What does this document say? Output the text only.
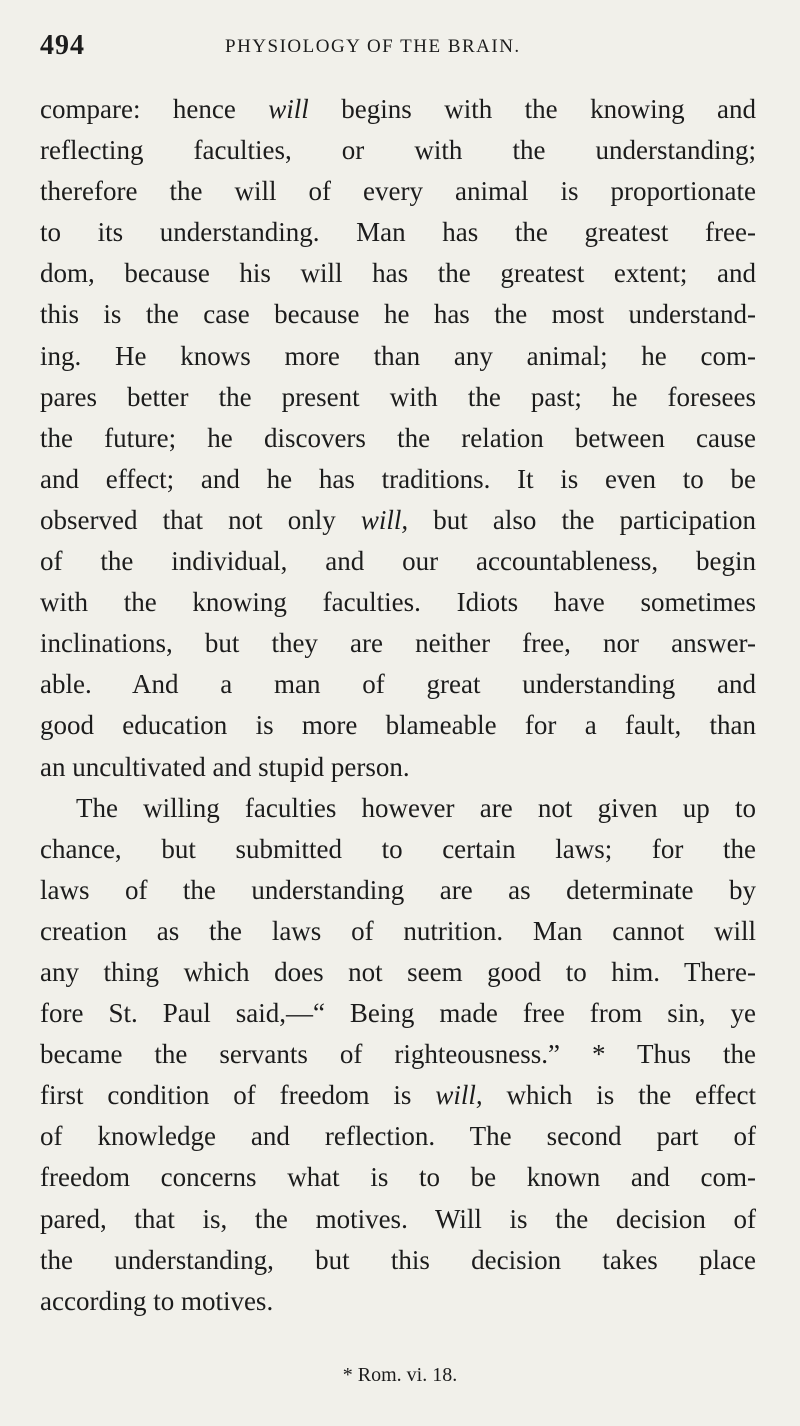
494	PHYSIOLOGY OF THE BRAIN.
compare: hence will begins with the knowing and
reflecting faculties, or with the understanding;
therefore the will of every animal is proportionate
to its understanding. Man has the greatest free-
dom, because his will has the greatest extent; and
this is the case because he has the most understand-
ing. He knows more than any animal; he com-
pares better the present with the past; he foresees
the future; he discovers the relation between cause
and effect; and he has traditions. It is even to be
observed that not only will, but also the participation
of the individual, and our accountableness, begin
with the knowing faculties. Idiots have sometimes
inclinations, but they are neither free, nor answer-
able. And a man of great understanding and
good education is more blameable for a fault, than
an uncultivated and stupid person.
The willing faculties however are not given up to
chance, but submitted to certain laws; for the
laws of the understanding are as determinate by
creation as the laws of nutrition. Man cannot will
any thing which does not seem good to him. There-
fore St. Paul said,—“ Being made free from sin, ye
became the servants of righteousness.” * Thus the
first condition of freedom is will, which is the effect
of knowledge and reflection. The second part of
freedom concerns what is to be known and com-
pared, that is, the motives. Will is the decision of
the understanding, but this decision takes place
according to motives.
* Rom. vi. 18.
